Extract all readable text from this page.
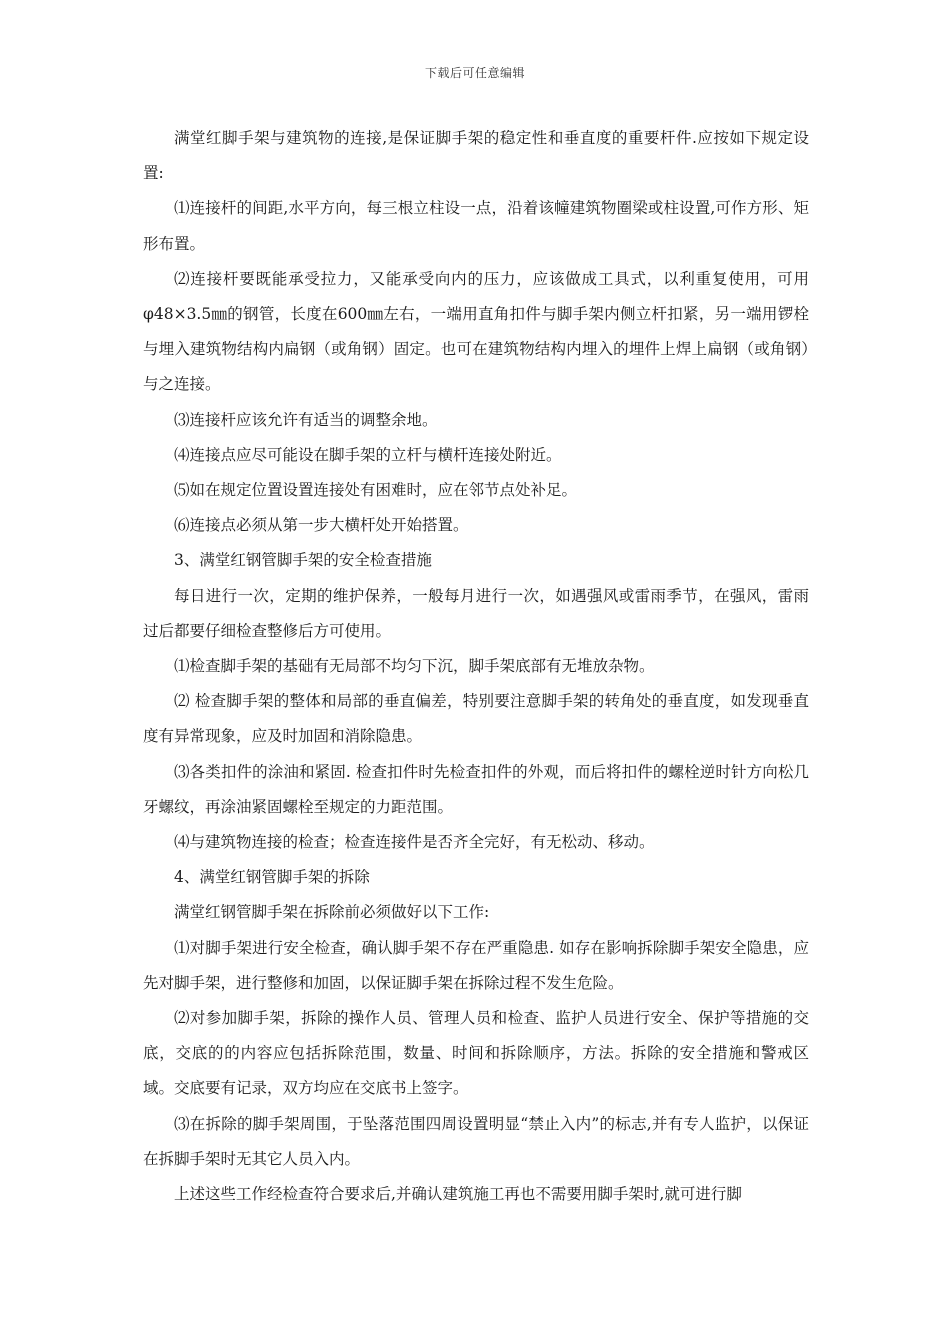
下载后可任意编辑

满堂红脚手架与建筑物的连接,是保证脚手架的稳定性和垂直度的重要杆件.应按如下规定设置:

⑴连接杆的间距,水平方向，每三根立柱设一点，沿着该幢建筑物圈梁或柱设置,可作方形、矩形布置。

⑵连接杆要既能承受拉力，又能承受向内的压力，应该做成工具式，以利重复使用，可用 φ48×3.5㎜的钢管，长度在600㎜左右，一端用直角扣件与脚手架内侧立杆扣紧，另一端用锣栓与埋入建筑物结构内扁钢（或角钢）固定。也可在建筑物结构内埋入的埋件上焊上扁钢（或角钢）与之连接。

⑶连接杆应该允许有适当的调整余地。

⑷连接点应尽可能设在脚手架的立杆与横杆连接处附近。

⑸如在规定位置设置连接处有困难时，应在邻节点处补足。

⑹连接点必须从第一步大横杆处开始搭置。

3、满堂红钢管脚手架的安全检查措施

每日进行一次，定期的维护保养，一般每月进行一次，如遇强风或雷雨季节，在强风，雷雨过后都要仔细检查整修后方可使用。

⑴检查脚手架的基础有无局部不均匀下沉，脚手架底部有无堆放杂物。

⑵ 检查脚手架的整体和局部的垂直偏差，特别要注意脚手架的转角处的垂直度，如发现垂直度有异常现象，应及时加固和消除隐患。

⑶各类扣件的涂油和紧固. 检查扣件时先检查扣件的外观，而后将扣件的螺栓逆时针方向松几牙螺纹，再涂油紧固螺栓至规定的力距范围。

⑷与建筑物连接的检查；检查连接件是否齐全完好，有无松动、移动。

4、满堂红钢管脚手架的拆除

满堂红钢管脚手架在拆除前必须做好以下工作:

⑴对脚手架进行安全检查，确认脚手架不存在严重隐患. 如存在影响拆除脚手架安全隐患，应先对脚手架，进行整修和加固，以保证脚手架在拆除过程不发生危险。

⑵对参加脚手架，拆除的操作人员、管理人员和检查、监护人员进行安全、保护等措施的交底，交底的的内容应包括拆除范围，数量、时间和拆除顺序，方法。拆除的安全措施和警戒区域。交底要有记录，双方均应在交底书上签字。

⑶在拆除的脚手架周围，于坠落范围四周设置明显“禁止入内”的标志,并有专人监护，以保证在拆脚手架时无其它人员入内。

上述这些工作经检查符合要求后,并确认建筑施工再也不需要用脚手架时,就可进行脚
